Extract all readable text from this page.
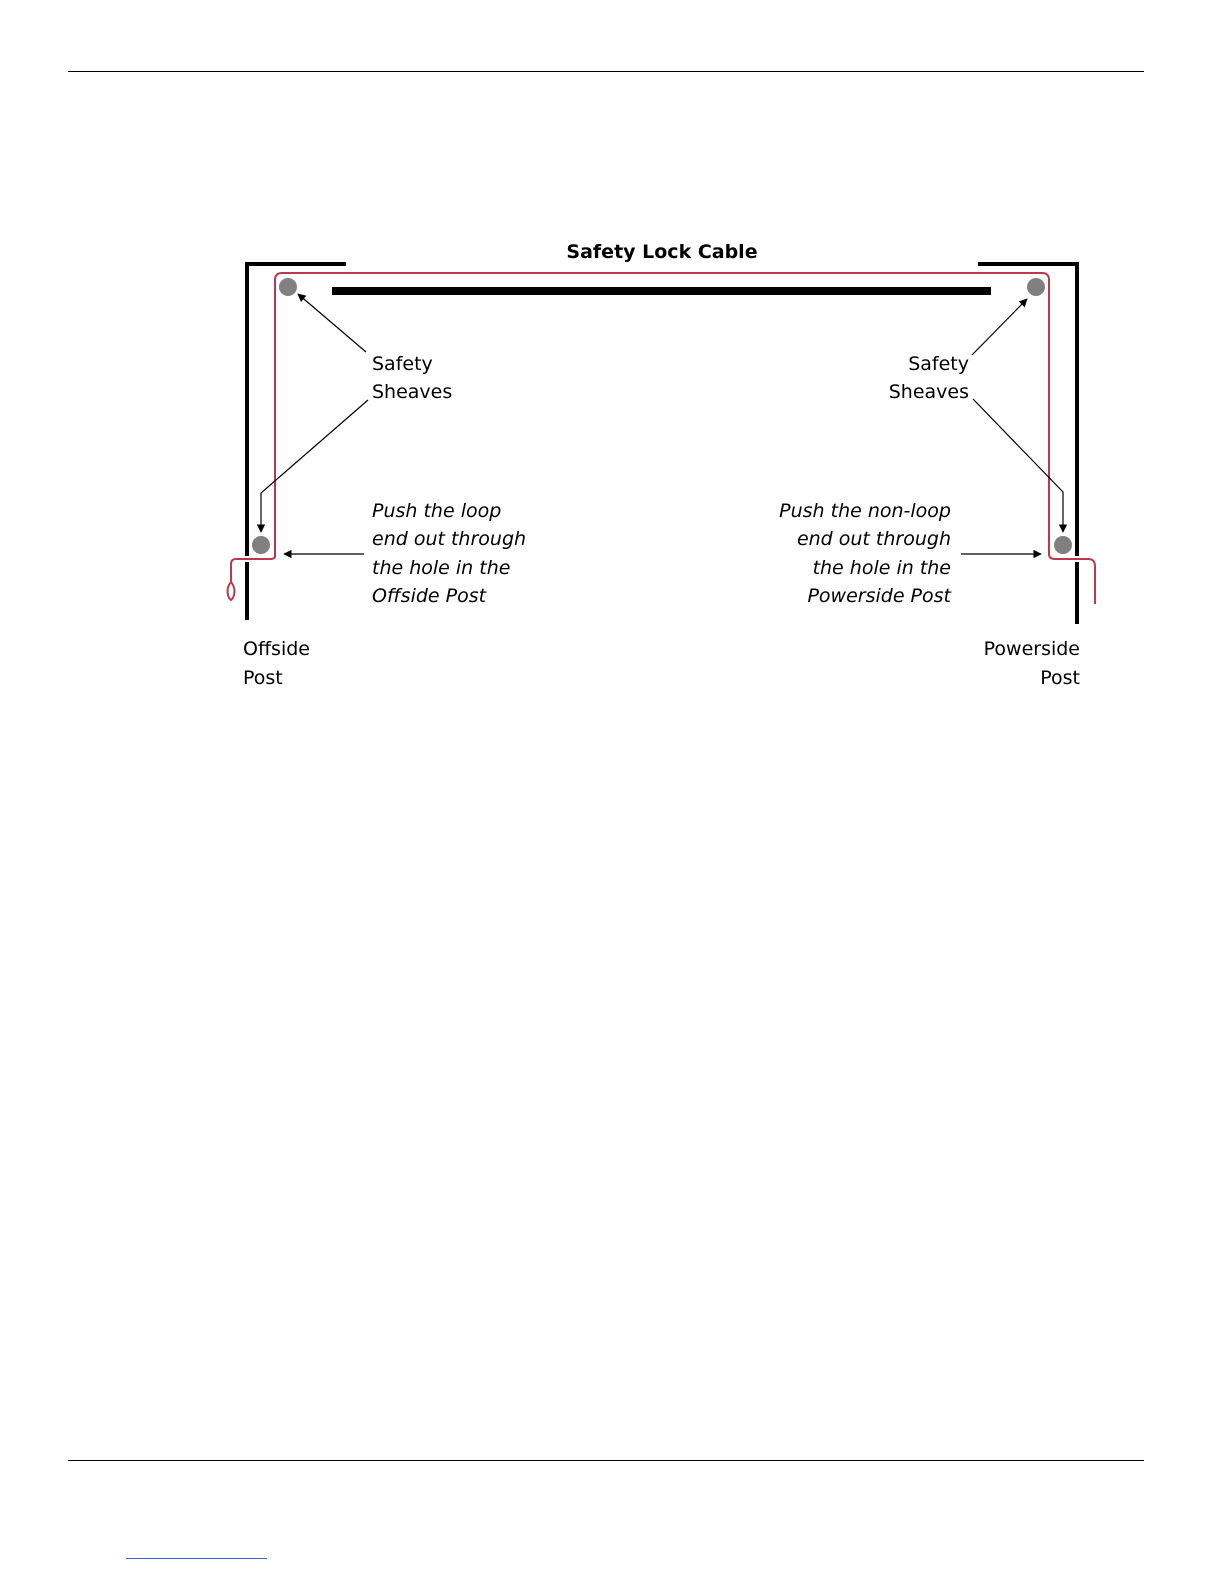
Safety Lock Cable
Safety
Sheaves
Safety
Sheaves
Push the loop
end out through
the hole in the
Offside Post
Push the non-loop
end out through
the hole in the
Powerside Post
Offside
Post
Powerside
Post
